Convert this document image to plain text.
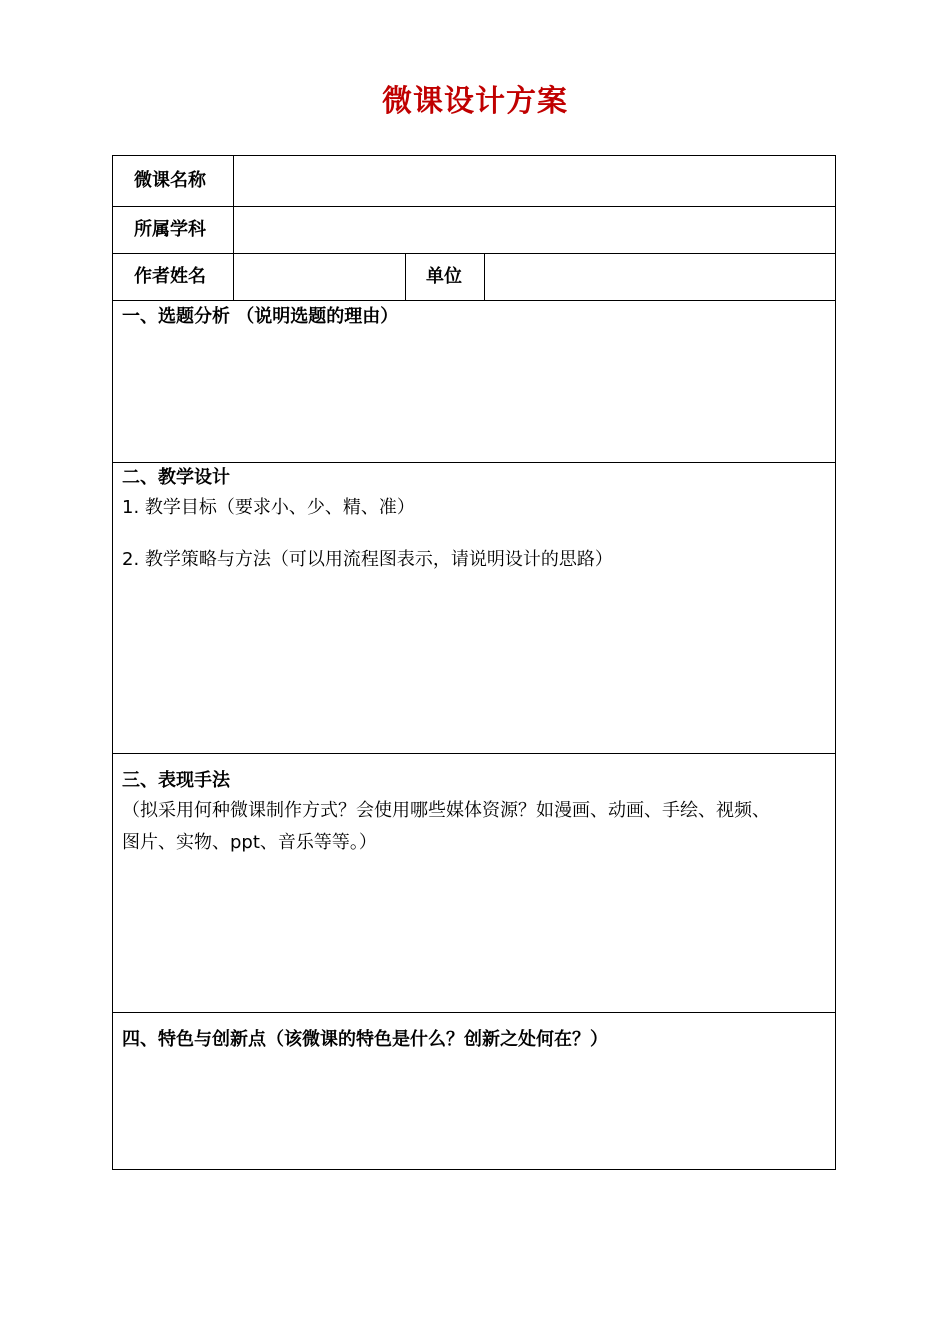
微课设计方案
微课名称
所属学科
作者姓名	单位
一、选题分析 （说明选题的理由）
二、教学设计
1. 教学目标（要求小、少、精、准）
2. 教学策略与方法（可以用流程图表示，请说明设计的思路）
三、表现手法
（拟采用何种微课制作方式？会使用哪些媒体资源？如漫画、动画、手绘、视频、
图片、实物、ppt、音乐等等。）
四、特色与创新点（该微课的特色是什么？创新之处何在？）
